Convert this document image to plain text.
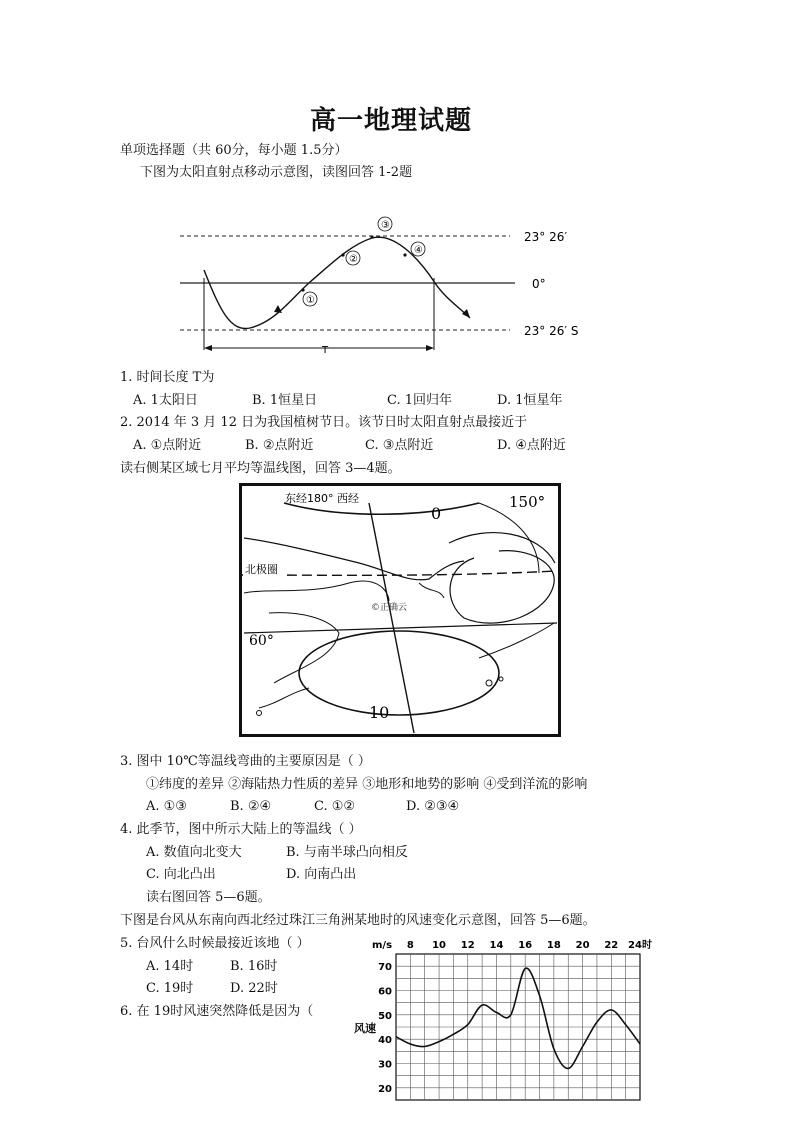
高一地理试题
单项选择题（共 60分，每小题 1.5分）
下图为太阳直射点移动示意图，读图回答 1-2题
①
②
③
④
23° 26′
0°
23° 26′ S
T
1. 时间长度 T为
A. 1太阳日	B. 1恒星日	C. 1回归年	D. 1恒星年
2. 2014 年 3 月 12 日为我国植树节日。该节日时太阳直射点最接近于
A. ①点附近	B. ②点附近	C. ③点附近	D. ④点附近
读右侧某区域七月平均等温线图，回答 3—4题。
东经180° 西经
0
150°
北极圈
60°
10
©正确云
3. 图中 10℃等温线弯曲的主要原因是（ ）
①纬度的差异 ②海陆热力性质的差异 ③地形和地势的影响 ④受到洋流的影响
A. ①③	B. ②④	C. ①②	D. ②③④
4. 此季节，图中所示大陆上的等温线（ ）
A. 数值向北变大	B. 与南半球凸向相反
C. 向北凸出	D. 向南凸出
读右图回答 5—6题。
下图是台风从东南向西北经过珠江三角洲某地时的风速变化示意图，回答 5—6题。
5. 台风什么时候最接近该地（ ）
A. 14时	B. 16时
C. 19时	D. 22时
6. 在 19时风速突然降低是因为（
8 10 12 14 16 18 20 22 24时
20
30
40
50
60
70
m/s
风速
